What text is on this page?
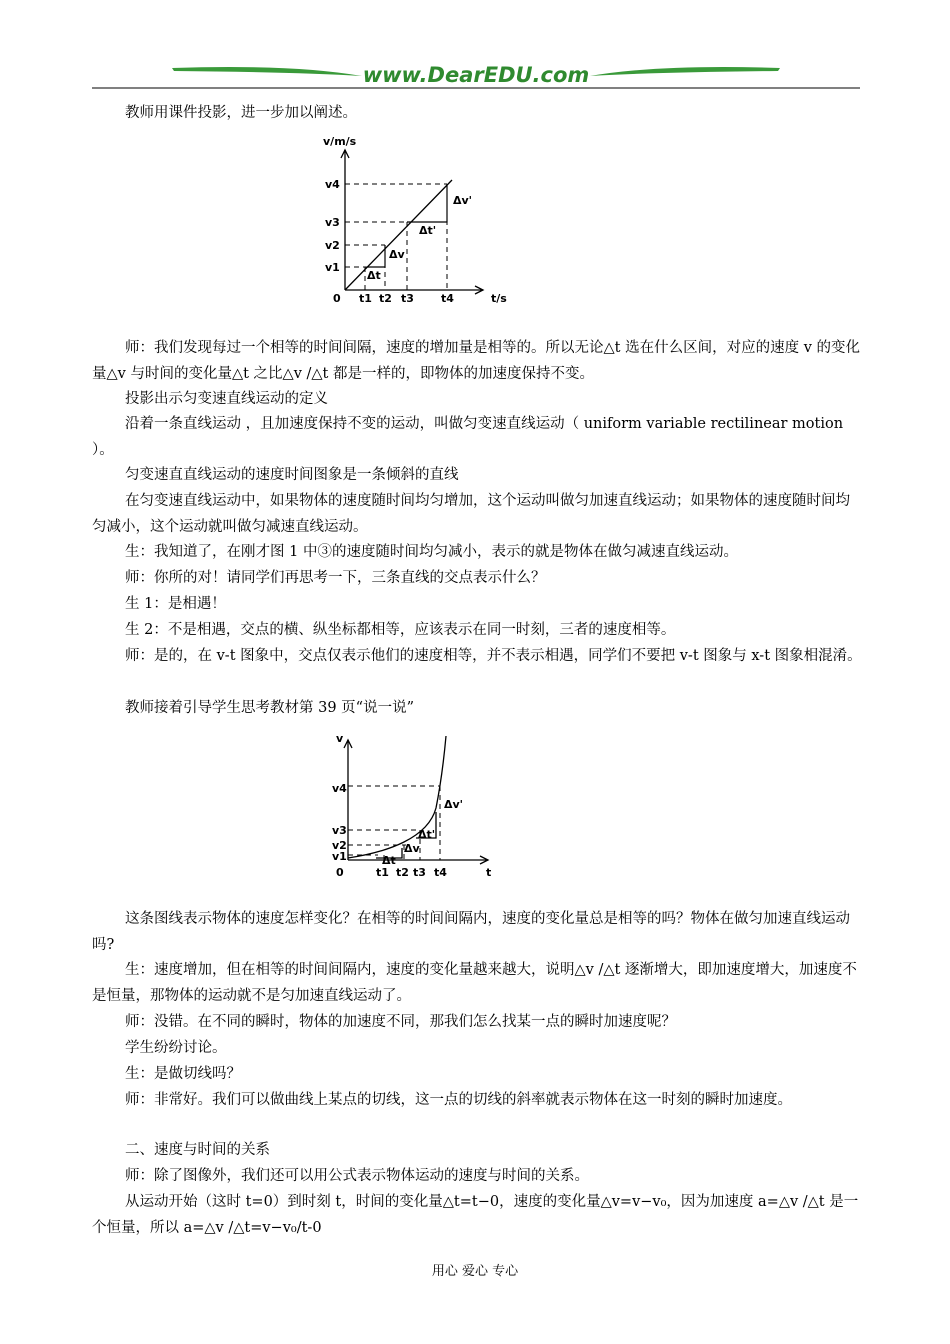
www.DearEDU.com
教师用课件投影，进一步加以阐述。
v/m/s
t/s
0
v1
v2
v3
v4
t1 t2 t3 t4
Δt
Δv
Δt'
Δv'
师：我们发现每过一个相等的时间间隔，速度的增加量是相等的。所以无论△t 选在什么区间，对应的速度 v 的变化量△v 与时间的变化量△t 之比△v /△t 都是一样的，即物体的加速度保持不变。
投影出示匀变速直线运动的定义
沿着一条直线运动 ，且加速度保持不变的运动，叫做匀变速直线运动（ uniform variable rectilinear motion ）。
匀变速直直线运动的速度时间图象是一条倾斜的直线
在匀变速直线运动中，如果物体的速度随时间均匀增加，这个运动叫做匀加速直线运动；如果物体的速度随时间均匀减小，这个运动就叫做匀减速直线运动。
生：我知道了，在刚才图 1 中③的速度随时间均匀减小，表示的就是物体在做匀减速直线运动。
师：你所的对！请同学们再思考一下，三条直线的交点表示什么？
生 1：是相遇！
生 2：不是相遇，交点的横、纵坐标都相等，应该表示在同一时刻，三者的速度相等。
师：是的，在 v-t 图象中，交点仅表示他们的速度相等，并不表示相遇，同学们不要把 v-t 图象与 x-t 图象相混淆。
教师接着引导学生思考教材第 39 页“说一说”
v
t
0
v1
v2
v3
v4
t1 t2 t3 t4
Δt
Δv
Δt'
Δv'
这条图线表示物体的速度怎样变化？在相等的时间间隔内，速度的变化量总是相等的吗？物体在做匀加速直线运动吗?
生：速度增加，但在相等的时间间隔内，速度的变化量越来越大，说明△v /△t 逐渐增大，即加速度增大，加速度不是恒量，那物体的运动就不是匀加速直线运动了。
师：没错。在不同的瞬时，物体的加速度不同，那我们怎么找某一点的瞬时加速度呢？
学生纷纷讨论。
生：是做切线吗？
师：非常好。我们可以做曲线上某点的切线，这一点的切线的斜率就表示物体在这一时刻的瞬时加速度。
二、速度与时间的关系
师：除了图像外，我们还可以用公式表示物体运动的速度与时间的关系。
从运动开始（这时 t=0）到时刻 t，时间的变化量△t=t−0，速度的变化量△v=v−v₀，因为加速度 a=△v /△t 是一个恒量，所以 a=△v /△t=v−v₀/t-0
用心 爱心 专心
